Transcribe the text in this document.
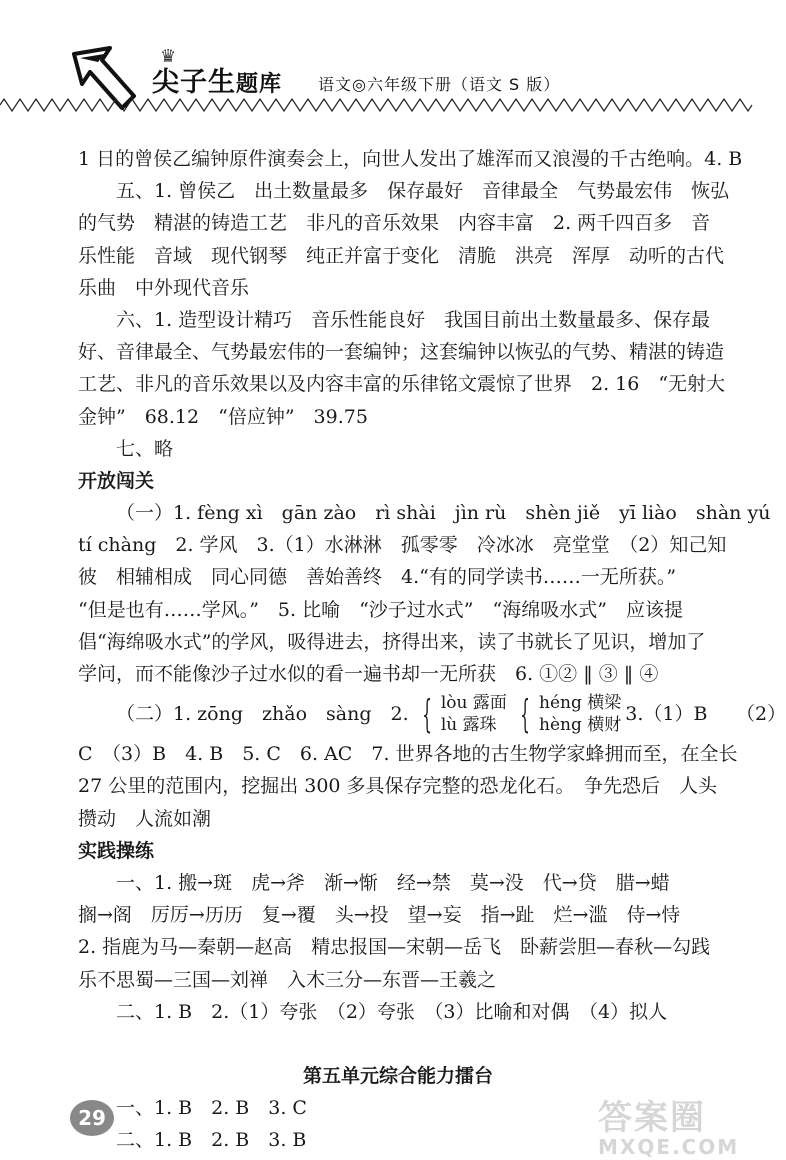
♛
尖子生题库 语文◎六年级下册（语文 S 版）
1 日的曾侯乙编钟原件演奏会上，向世人发出了雄浑而又浪漫的千古绝响。4. B
五、1. 曾侯乙　出土数量最多　保存最好　音律最全　气势最宏伟　恢弘
的气势　精湛的铸造工艺　非凡的音乐效果　内容丰富　2. 两千四百多　音
乐性能　音域　现代钢琴　纯正并富于变化　清脆　洪亮　浑厚　动听的古代
乐曲　中外现代音乐
六、1. 造型设计精巧　音乐性能良好　我国目前出土数量最多、保存最
好、音律最全、气势最宏伟的一套编钟；这套编钟以恢弘的气势、精湛的铸造
工艺、非凡的音乐效果以及内容丰富的乐律铭文震惊了世界　2. 16　“无射大
金钟”　68.12　“倍应钟”　39.75
七、略
开放闯关
（一）1. fèng xì　gān zào　rì shài　jìn rù　shèn jiě　yī liào　shàn yú
tí chàng　2. 学风　3.（1）水淋淋　孤零零　冷冰冰　亮堂堂　（2）知己知
彼　相辅相成　同心同德　善始善终　4.“有的同学读书……一无所获。”
“但是也有……学风。”　5. 比喻　“沙子过水式”　“海绵吸水式”　应该提
倡“海绵吸水式”的学风，吸得进去，挤得出来，读了书就长了见识，增加了
学问，而不能像沙子过水似的看一遍书却一无所获　6. ①② ‖ ③ ‖ ④
（二）1. zōng　zhǎo　sàng　2. { lòu 露面
lù 露珠 { héng 横梁
hèng 横财 3.（1）B　　（2）
C　（3）B　4. B　5. C　6. AC　7. 世界各地的古生物学家蜂拥而至，在全长
27 公里的范围内，挖掘出 300 多具保存完整的恐龙化石。　争先恐后　人头
攒动　人流如潮
实践操练
一、1. 搬→斑　虎→斧　渐→惭　经→禁　莫→没　代→贷　腊→蜡
搁→阁　厉厉→历历　复→覆　头→投　望→妄　指→趾　烂→滥　侍→恃
2. 指鹿为马—秦朝—赵高　精忠报国—宋朝—岳飞　卧薪尝胆—春秋—勾践
乐不思蜀—三国—刘禅　入木三分—东晋—王羲之
二、1. B　2.（1）夸张　（2）夸张　（3）比喻和对偶　（4）拟人
第五单元综合能力擂台
一、1. B　2. B　3. C
二、1. B　2. B　3. B
29	答案圈
MXQE.COM
